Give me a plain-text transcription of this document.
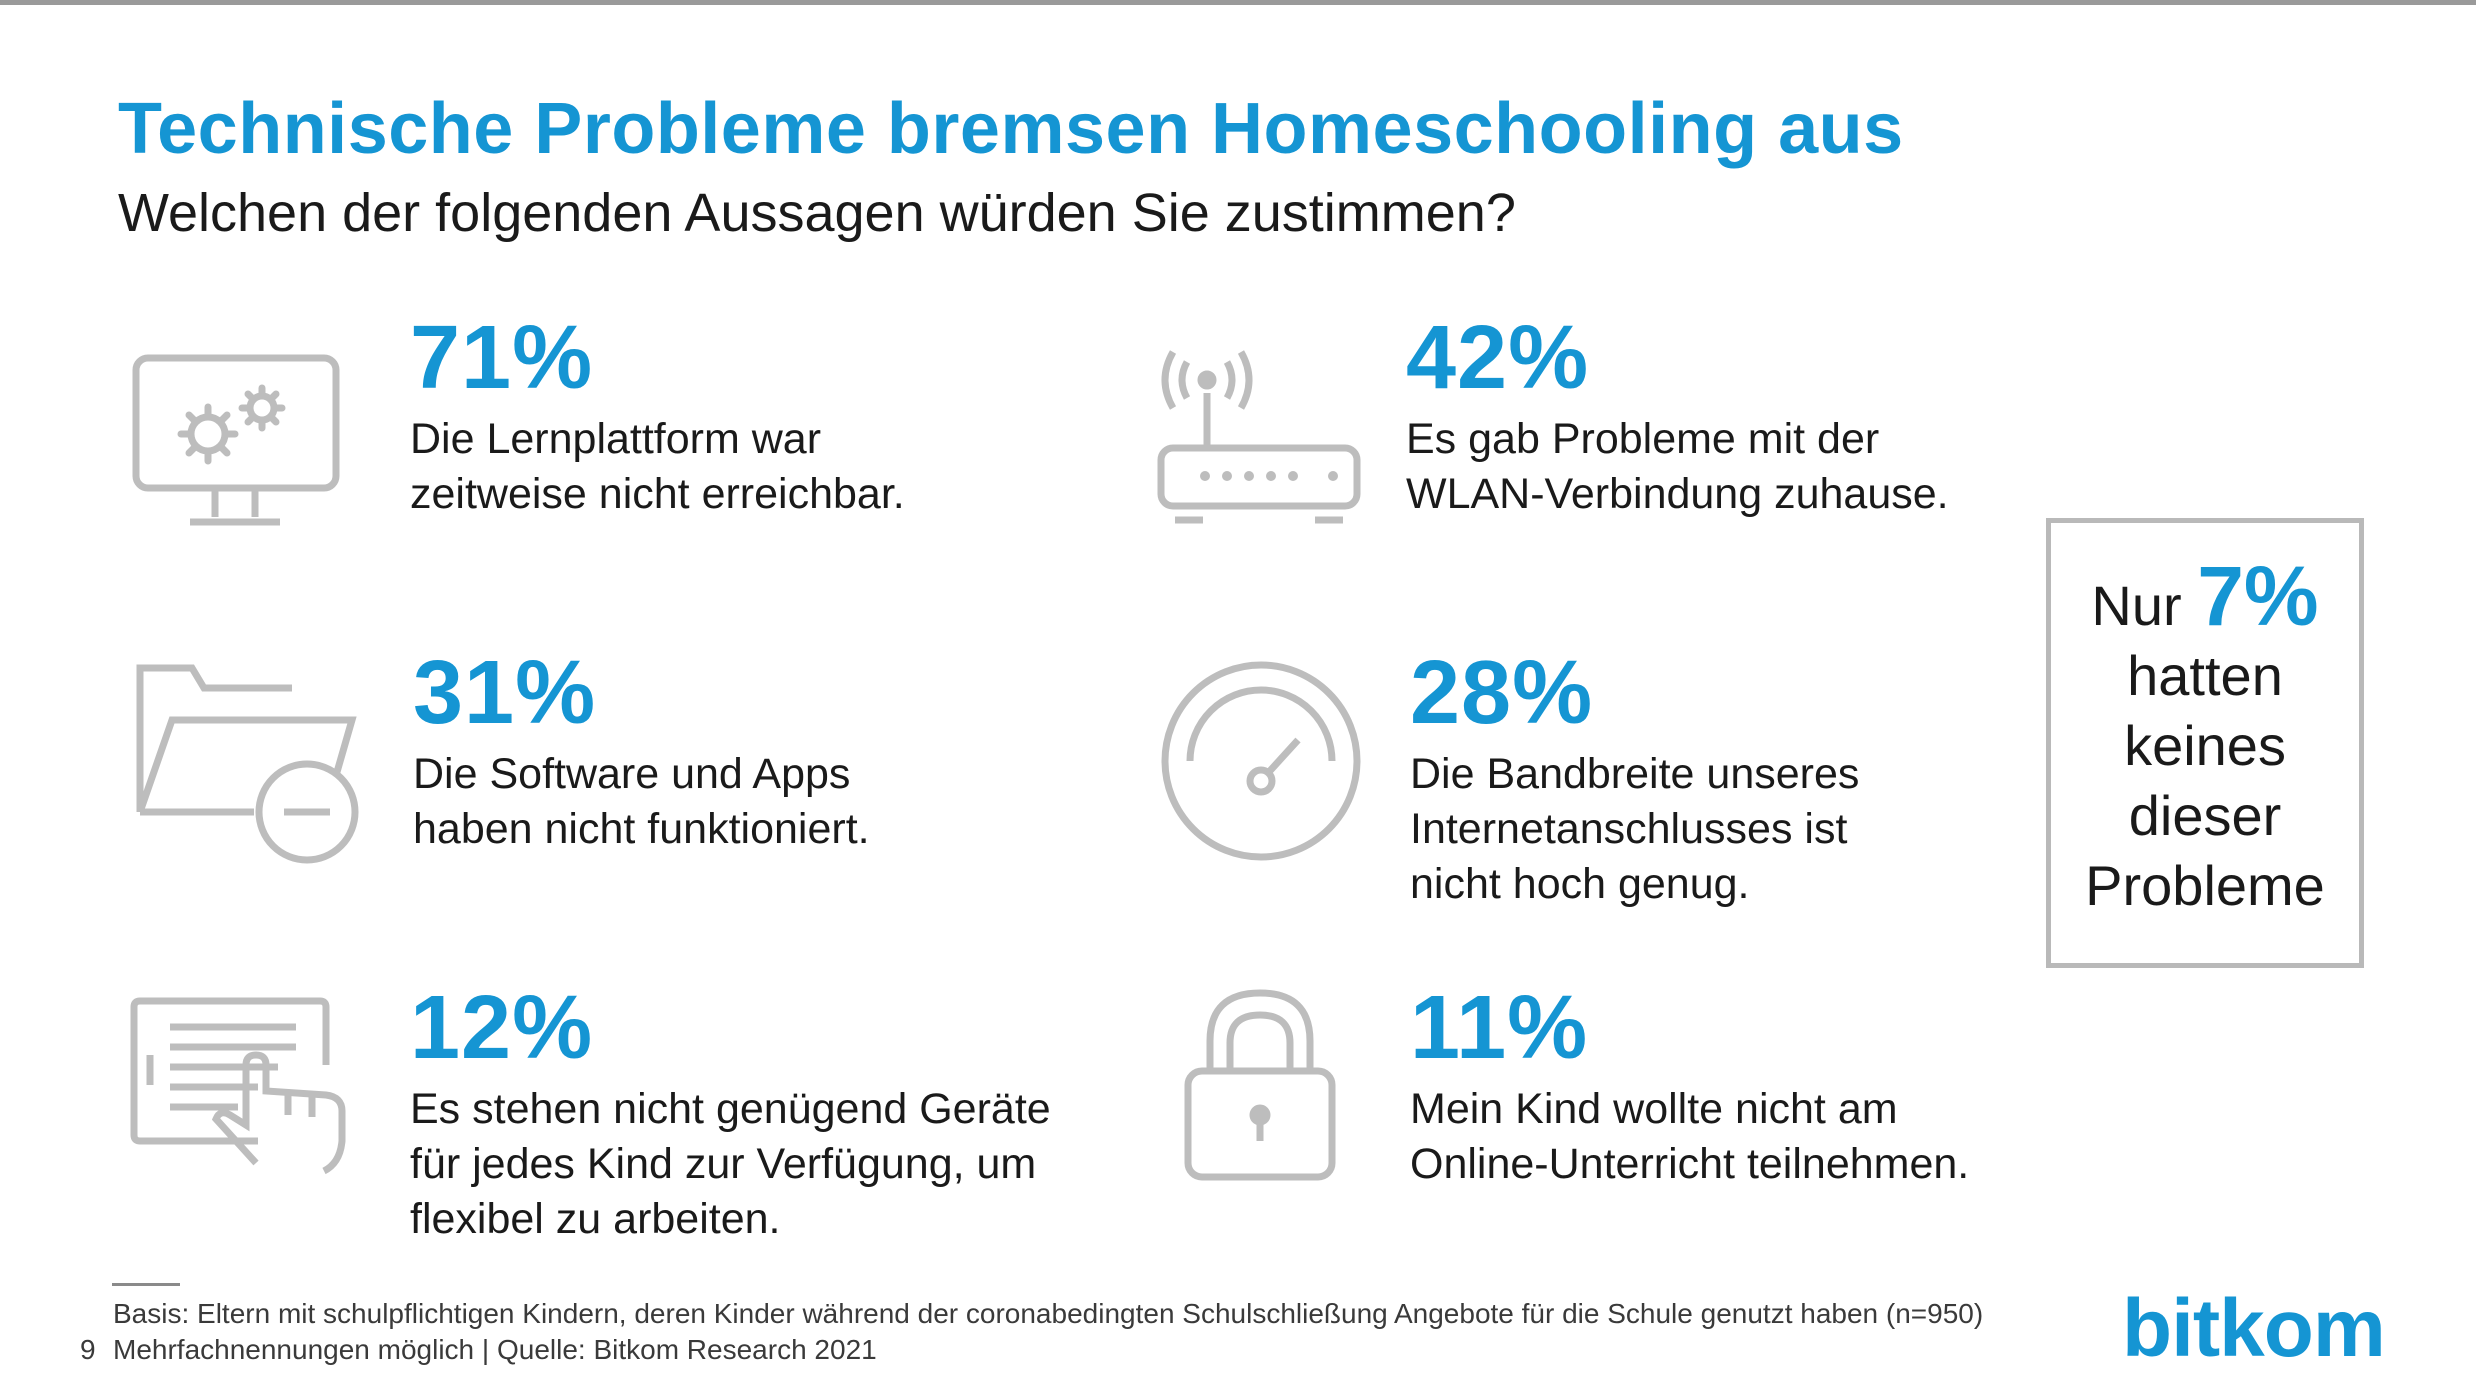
Technische Probleme bremsen Homeschooling aus
Welchen der folgenden Aussagen würden Sie zustimmen?
71%
Die Lernplattform war
zeitweise nicht erreichbar.
42%
Es gab Probleme mit der
WLAN-Verbindung zuhause.
31%
Die Software und Apps
haben nicht funktioniert.
28%
Die Bandbreite unseres
Internetanschlusses ist
nicht hoch genug.
12%
Es stehen nicht genügend Geräte
für jedes Kind zur Verfügung, um
flexibel zu arbeiten.
11%
Mein Kind wollte nicht am
Online-Unterricht teilnehmen.
Nur 7%
hatten
keines
dieser
Probleme
Basis: Eltern mit schulpflichtigen Kindern, deren Kinder während der coronabedingten Schulschließung Angebote für die Schule genutzt haben (n=950)
9 Mehrfachnennungen möglich | Quelle: Bitkom Research 2021	bitkom
